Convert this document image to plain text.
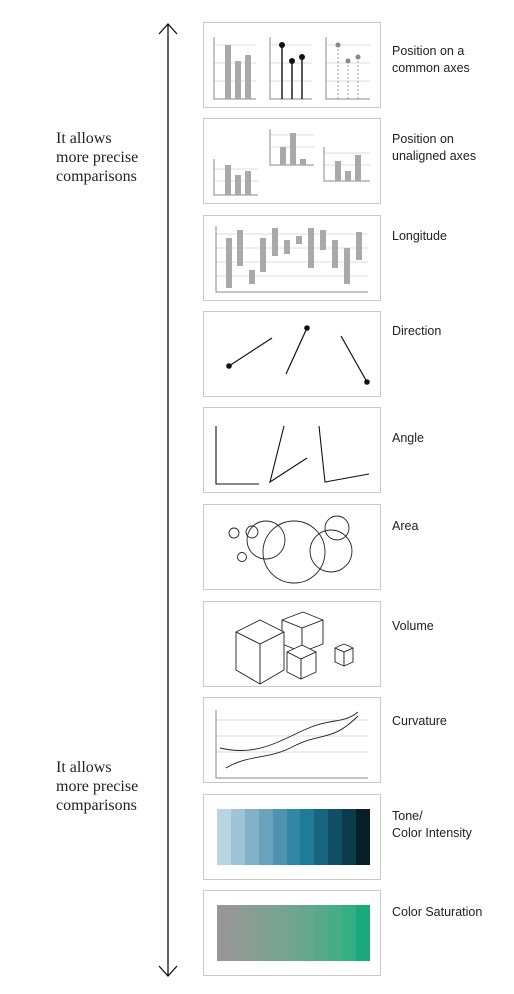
It allows
more precise
comparisons
It allows
more precise
comparisons
Position on a
common axes
Position on
unaligned axes
Longitude
Direction
Angle
Area
Volume
Curvature
Tone/
Color Intensity
Color Saturation
